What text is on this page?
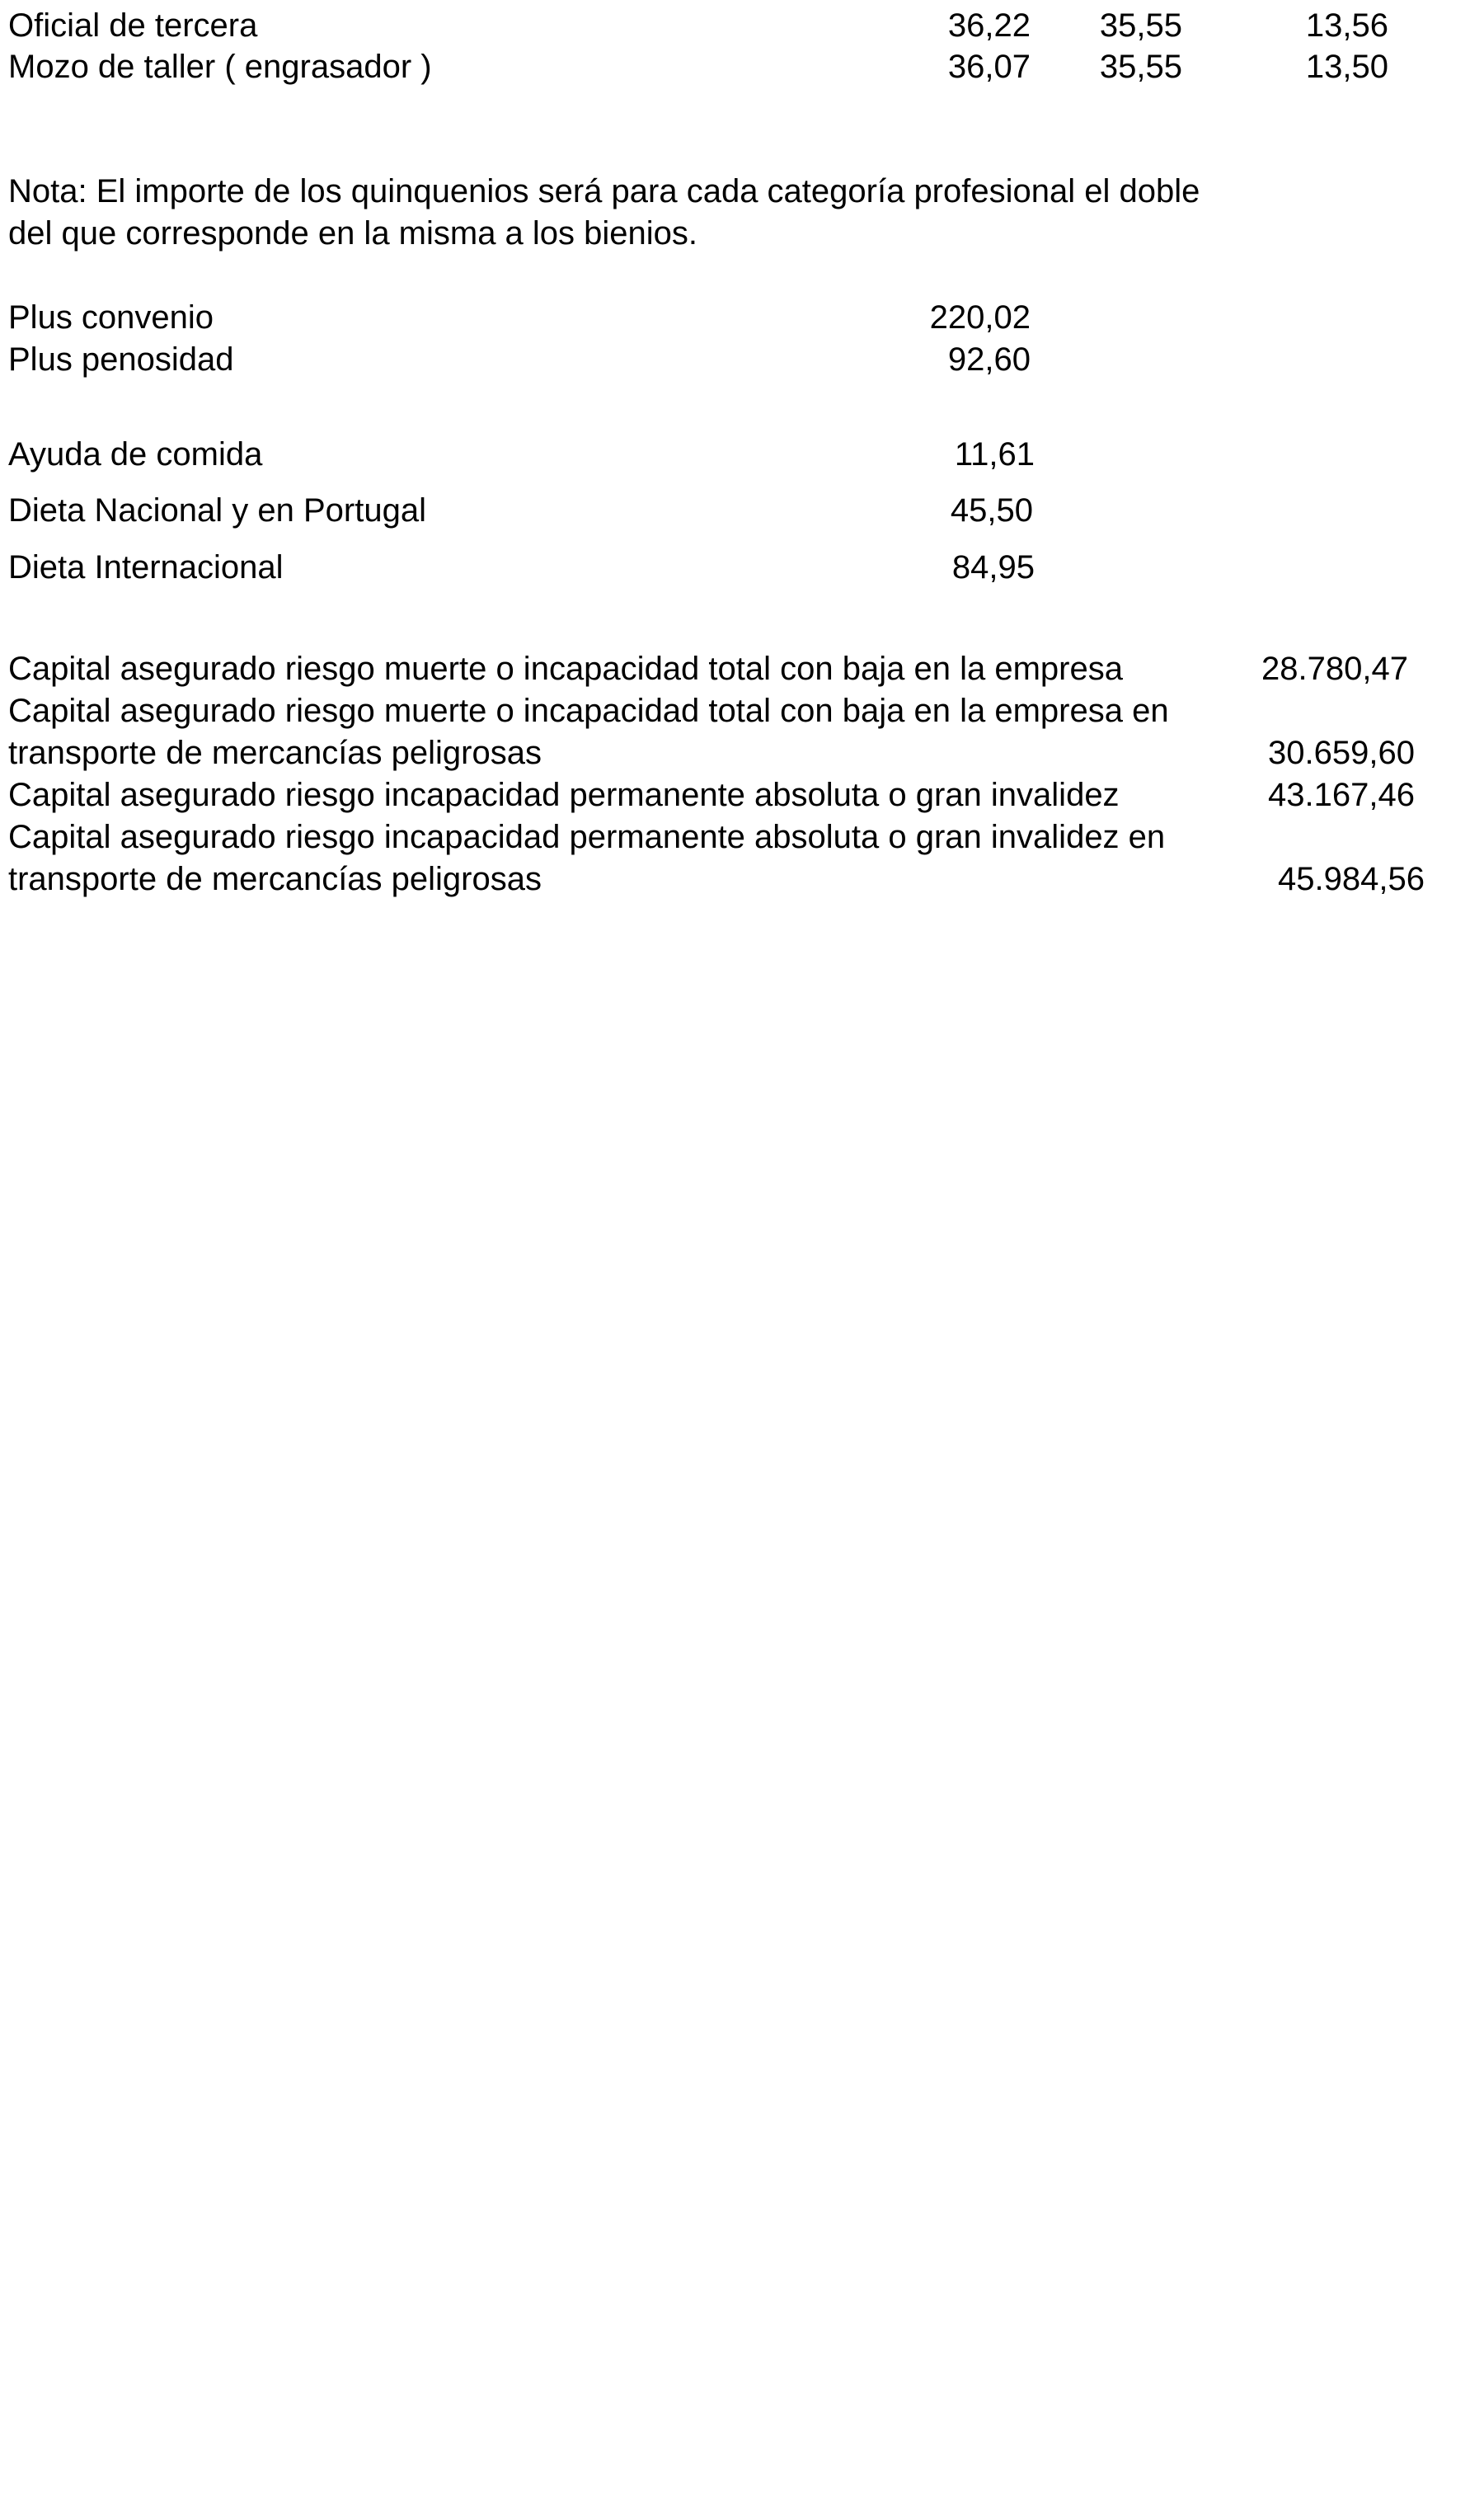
Oficial de tercera	36,22 35,55	13,56
Mozo de taller ( engrasador )	36,07 35,55	13,50
Nota: El importe de los quinquenios será para cada categoría profesional el doble
del que corresponde en la misma a los bienios.
Plus convenio	220,02
Plus penosidad	92,60
Ayuda de comida	11,61
Dieta Nacional y en Portugal	45,50
Dieta Internacional	84,95
Capital asegurado riesgo muerte o incapacidad total con baja en la empresa	28.780,47
Capital asegurado riesgo muerte o incapacidad total con baja en la empresa en
transporte de mercancías peligrosas	30.659,60
Capital asegurado riesgo incapacidad permanente absoluta o gran invalidez	43.167,46
Capital asegurado riesgo incapacidad permanente absoluta o gran invalidez en
transporte de mercancías peligrosas	45.984,56
